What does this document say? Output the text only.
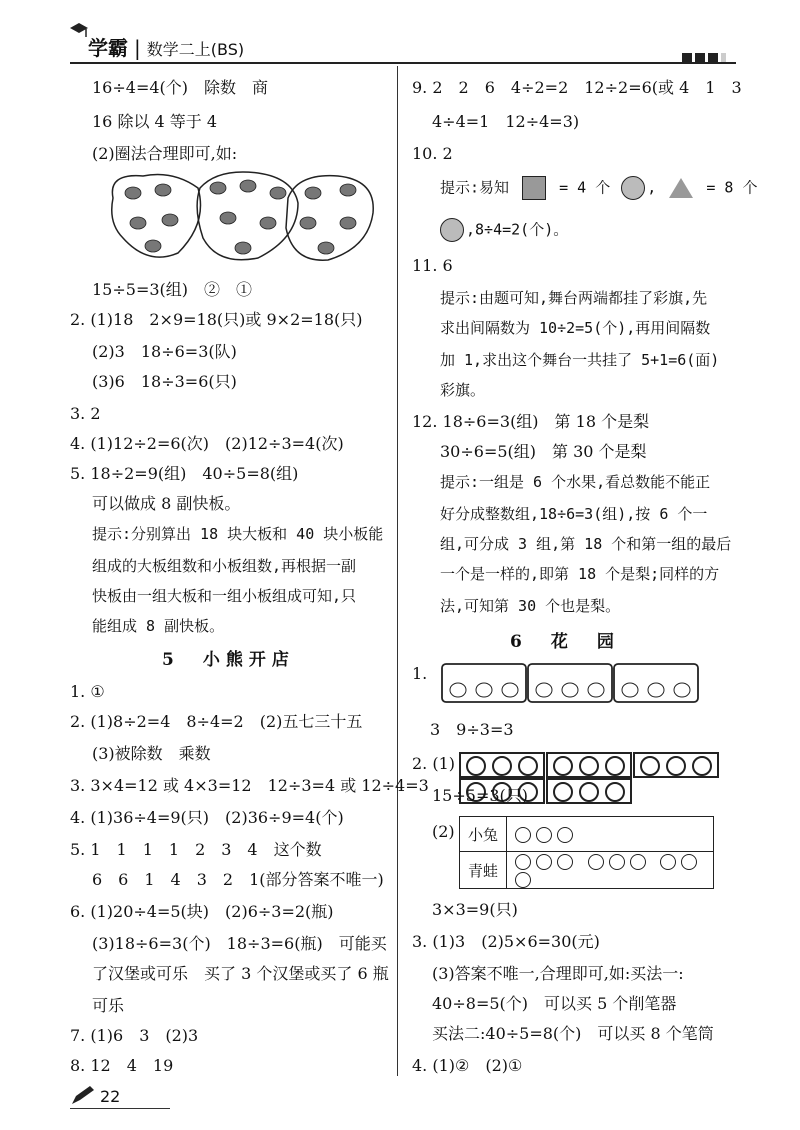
学霸 | 数学二上(BS)
16÷4=4(个)　除数　商
16 除以 4 等于 4
(2)圈法合理即可,如:
15÷5=3(组)　②　①
2. (1)18　2×9=18(只)或 9×2=18(只)
(2)3　18÷6=3(队)
(3)6　18÷3=6(只)
3. 2
4. (1)12÷2=6(次)　(2)12÷3=4(次)
5. 18÷2=9(组)　40÷5=8(组)
可以做成 8 副快板。
提示:分别算出 18 块大板和 40 块小板能
组成的大板组数和小板组数,再根据一副
快板由一组大板和一组小板组成可知,只
能组成 8 副快板。
5　小熊开店
1. ①
2. (1)8÷2=4　8÷4=2　(2)五七三十五
(3)被除数　乘数
3. 3×4=12 或 4×3=12　12÷3=4 或 12÷4=3
4. (1)36÷4=9(只)　(2)36÷9=4(个)
5. 1　1　1　1　2　3　4　这个数
6　6　1　4　3　2　1(部分答案不唯一)
6. (1)20÷4=5(块)　(2)6÷3=2(瓶)
(3)18÷6=3(个)　18÷3=6(瓶)　可能买
了汉堡或可乐　买了 3 个汉堡或买了 6 瓶
可乐
7. (1)6　3　(2)3
8. 12　4　19
9. 2　2　6　4÷2=2　12÷2=6(或 4　1　3
4÷4=1　12÷4=3)
10. 2
提示:易知	= 4 个 ,	= 8 个
,8÷4=2(个)。
11. 6
提示:由题可知,舞台两端都挂了彩旗,先
求出间隔数为 10÷2=5(个),再用间隔数
加 1,求出这个舞台一共挂了 5+1=6(面)
彩旗。
12. 18÷6=3(组)　第 18 个是梨
30÷6=5(组)　第 30 个是梨
提示:一组是 6 个水果,看总数能不能正
好分成整数组,18÷6=3(组),按 6 个一
组,可分成 3 组,第 18 个和第一组的最后
一个是一样的,即第 18 个是梨;同样的方
法,可知第 30 个也是梨。
6　花　园
1.
3　9÷3=3
2. (1)
15÷5=3(只)
(2) 小兔	
青蛙	
3×3=9(只)
3. (1)3　(2)5×6=30(元)
(3)答案不唯一,合理即可,如:买法一:
40÷8=5(个)　可以买 5 个削笔器
买法二:40÷5=8(个)　可以买 8 个笔筒
4. (1)②　(2)①
22
